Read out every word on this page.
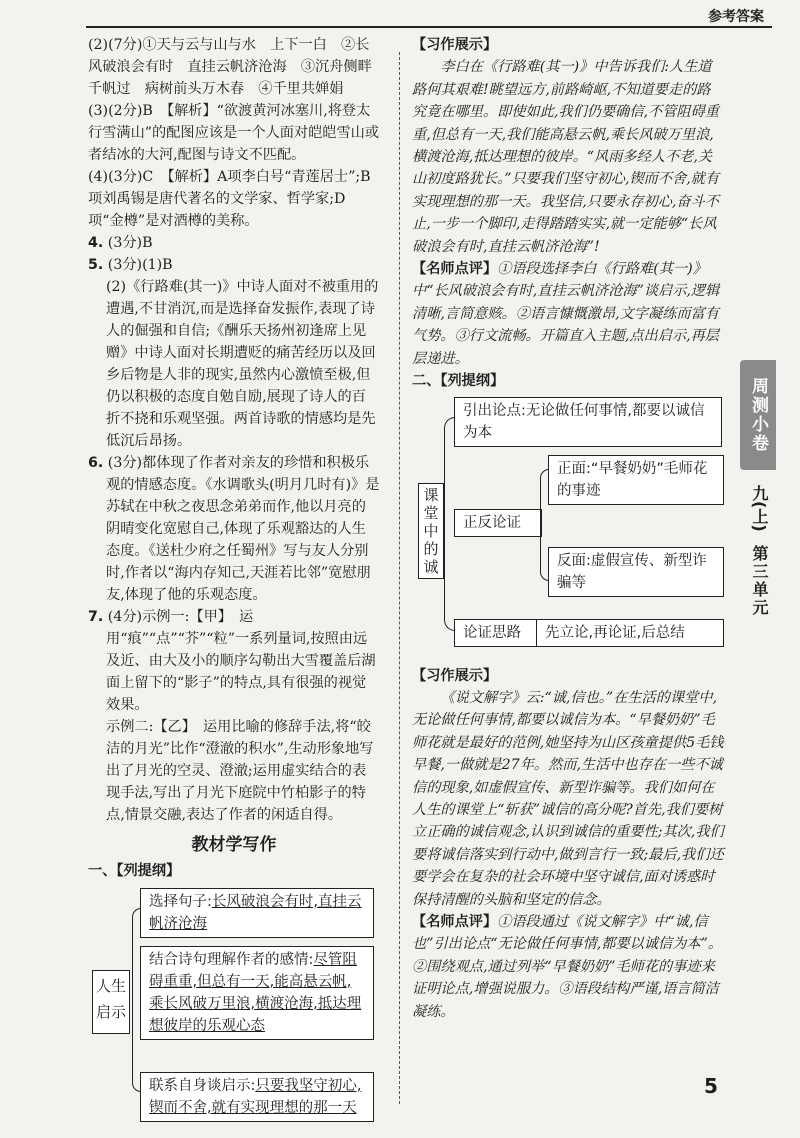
参考答案
周测小卷
九(上)
第三单元

(2)(7分)①天与云与山与水　上下一白　②长风破浪会有时　直挂云帆济沧海　③沉舟侧畔千帆过　病树前头万木春　④千里共婵娟

(3)(2分)B　【解析】“欲渡黄河冰塞川,将登太行雪满山”的配图应该是一个人面对皑皑雪山或者结冰的大河,配图与诗文不匹配。

(4)(3分)C　【解析】A项李白号“青莲居士”;B项刘禹锡是唐代著名的文学家、哲学家;D项“金樽”是对酒樽的美称。

4. (3分)B

5. (3分)(1)B

(2)《行路难(其一)》中诗人面对不被重用的遭遇,不甘消沉,而是选择奋发振作,表现了诗人的倔强和自信;《酬乐天扬州初逢席上见赠》中诗人面对长期遭贬的痛苦经历以及回乡后物是人非的现实,虽然内心激愤至极,但仍以积极的态度自勉自励,展现了诗人的百折不挠和乐观坚强。两首诗歌的情感均是先低沉后昂扬。

6. (3分)都体现了作者对亲友的珍惜和积极乐观的情感态度。《水调歌头(明月几时有)》是苏轼在中秋之夜思念弟弟而作,他以月亮的阴晴变化宽慰自己,体现了乐观豁达的人生态度。《送杜少府之任蜀州》写与友人分别时,作者以“海内存知己,天涯若比邻”宽慰朋友,体现了他的乐观态度。

7. (4分)示例一:【甲】　运用“痕”“点”“芥”“粒”一系列量词,按照由远及近、由大及小的顺序勾勒出大雪覆盖后湖面上留下的“影子”的特点,具有很强的视觉效果。

示例二:【乙】　运用比喻的修辞手法,将“皎洁的月光”比作“澄澈的积水”,生动形象地写出了月光的空灵、澄澈;运用虚实结合的表现手法,写出了月光下庭院中竹柏影子的特点,情景交融,表达了作者的闲适自得。

教材学写作

一、【列提纲】

人生启示
选择句子:长风破浪会有时,直挂云帆济沧海
结合诗句理解作者的感情:尽管阻碍重重,但总有一天,能高悬云帆,乘长风破万里浪,横渡沧海,抵达理想彼岸的乐观心态
联系自身谈启示:只要我坚守初心,锲而不舍,就有实现理想的那一天

【习作展示】

李白在《行路难(其一)》中告诉我们:人生道路何其艰难!眺望远方,前路崎岖,不知道要走的路究竟在哪里。即使如此,我们仍要确信,不管阻碍重重,但总有一天,我们能高悬云帆,乘长风破万里浪,横渡沧海,抵达理想的彼岸。“风雨多经人不老,关山初度路犹长。”只要我们坚守初心,锲而不舍,就有实现理想的那一天。我坚信,只要永存初心,奋斗不止,一步一个脚印,走得踏踏实实,就一定能够“长风破浪会有时,直挂云帆济沧海”!

【名师点评】①语段选择李白《行路难(其一)》中“长风破浪会有时,直挂云帆济沧海”谈启示,逻辑清晰,言简意赅。②语言慷慨激昂,文字凝练而富有气势。③行文流畅。开篇直入主题,点出启示,再层层递进。

二、【列提纲】

课堂中的诚
引出论点:无论做任何事情,都要以诚信为本
正反论证
正面:“早餐奶奶”毛师花的事迹
反面:虚假宣传、新型诈骗等
论证思路	先立论,再论证,后总结

【习作展示】

《说文解字》云:“诚,信也。”在生活的课堂中,无论做任何事情,都要以诚信为本。“早餐奶奶”毛师花就是最好的范例,她坚持为山区孩童提供5毛钱早餐,一做就是27年。然而,生活中也存在一些不诚信的现象,如虚假宣传、新型诈骗等。我们如何在人生的课堂上“斩获”诚信的高分呢?首先,我们要树立正确的诚信观念,认识到诚信的重要性;其次,我们要将诚信落实到行动中,做到言行一致;最后,我们还要学会在复杂的社会环境中坚守诚信,面对诱惑时保持清醒的头脑和坚定的信念。

【名师点评】①语段通过《说文解字》中“诚,信也”引出论点“无论做任何事情,都要以诚信为本”。②围绕观点,通过列举“早餐奶奶”毛师花的事迹来证明论点,增强说服力。③语段结构严谨,语言简洁凝练。

5
